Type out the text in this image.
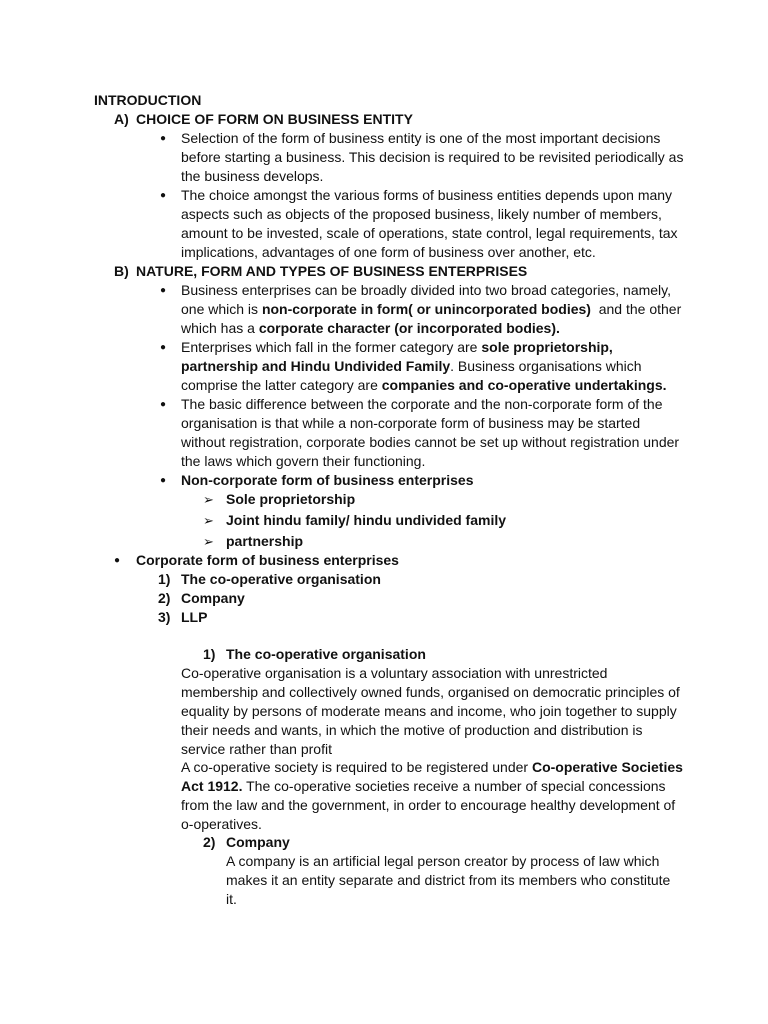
INTRODUCTION
A) CHOICE OF FORM ON BUSINESS ENTITY
● Selection of the form of business entity is one of the most important decisions
before starting a business. This decision is required to be revisited periodically as
the business develops.
● The choice amongst the various forms of business entities depends upon many
aspects such as objects of the proposed business, likely number of members,
amount to be invested, scale of operations, state control, legal requirements, tax
implications, advantages of one form of business over another, etc.
B) NATURE, FORM AND TYPES OF BUSINESS ENTERPRISES
● Business enterprises can be broadly divided into two broad categories, namely,
one which is non-corporate in form( or unincorporated bodies)  and the other
which has a corporate character (or incorporated bodies).
● Enterprises which fall in the former category are sole proprietorship,
partnership and Hindu Undivided Family. Business organisations which
comprise the latter category are companies and co-operative undertakings.
● The basic difference between the corporate and the non-corporate form of the
organisation is that while a non-corporate form of business may be started
without registration, corporate bodies cannot be set up without registration under
the laws which govern their functioning.
● Non-corporate form of business enterprises
➢ Sole proprietorship
➢ Joint hindu family/ hindu undivided family
➢ partnership
● Corporate form of business enterprises
1) The co-operative organisation
2) Company
3) LLP
1) The co-operative organisation
Co-operative organisation is a voluntary association with unrestricted
membership and collectively owned funds, organised on democratic principles of
equality by persons of moderate means and income, who join together to supply
their needs and wants, in which the motive of production and distribution is
service rather than profit
A co-operative society is required to be registered under Co-operative Societies
Act 1912. The co-operative societies receive a number of special concessions
from the law and the government, in order to encourage healthy development of
o-operatives.
2) Company
A company is an artificial legal person creator by process of law which
makes it an entity separate and district from its members who constitute
it.
